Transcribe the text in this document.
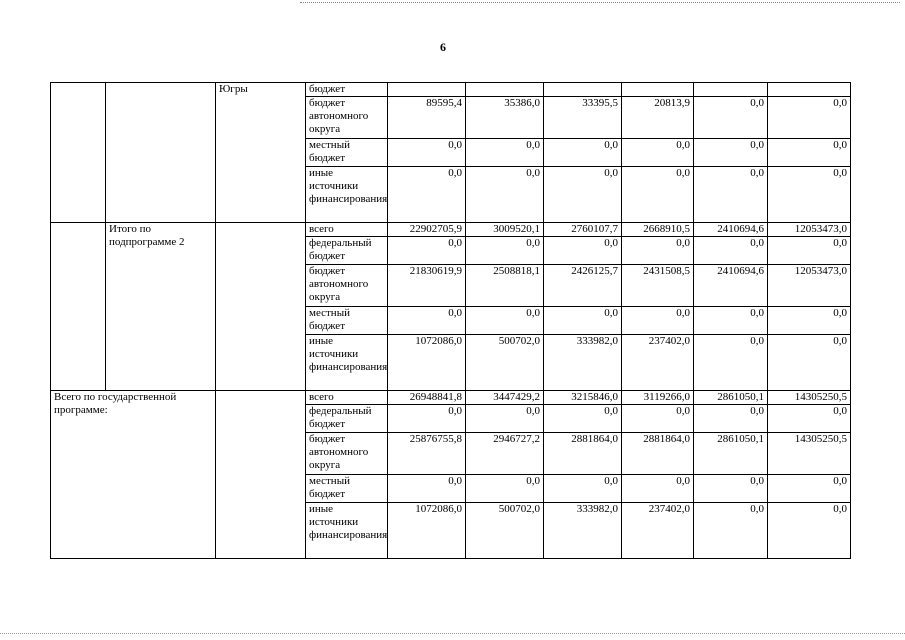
6
		Югры	бюджет						
			бюджет автономного округа	89595,4	35386,0	33395,5	20813,9	0,0	0,0
			местный бюджет	0,0	0,0	0,0	0,0	0,0	0,0
			иные источники финансирования	0,0	0,0	0,0	0,0	0,0	0,0
	Итого по подпрограмме 2		всего	22902705,9	3009520,1	2760107,7	2668910,5	2410694,6	12053473,0
			федеральный бюджет	0,0	0,0	0,0	0,0	0,0	0,0
			бюджет автономного округа	21830619,9	2508818,1	2426125,7	2431508,5	2410694,6	12053473,0
			местный бюджет	0,0	0,0	0,0	0,0	0,0	0,0
			иные источники финансирования	1072086,0	500702,0	333982,0	237402,0	0,0	0,0
Всего по государственной программе:			всего	26948841,8	3447429,2	3215846,0	3119266,0	2861050,1	14305250,5
			федеральный бюджет	0,0	0,0	0,0	0,0	0,0	0,0
			бюджет автономного округа	25876755,8	2946727,2	2881864,0	2881864,0	2861050,1	14305250,5
			местный бюджет	0,0	0,0	0,0	0,0	0,0	0,0
			иные источники финансирования	1072086,0	500702,0	333982,0	237402,0	0,0	0,0
